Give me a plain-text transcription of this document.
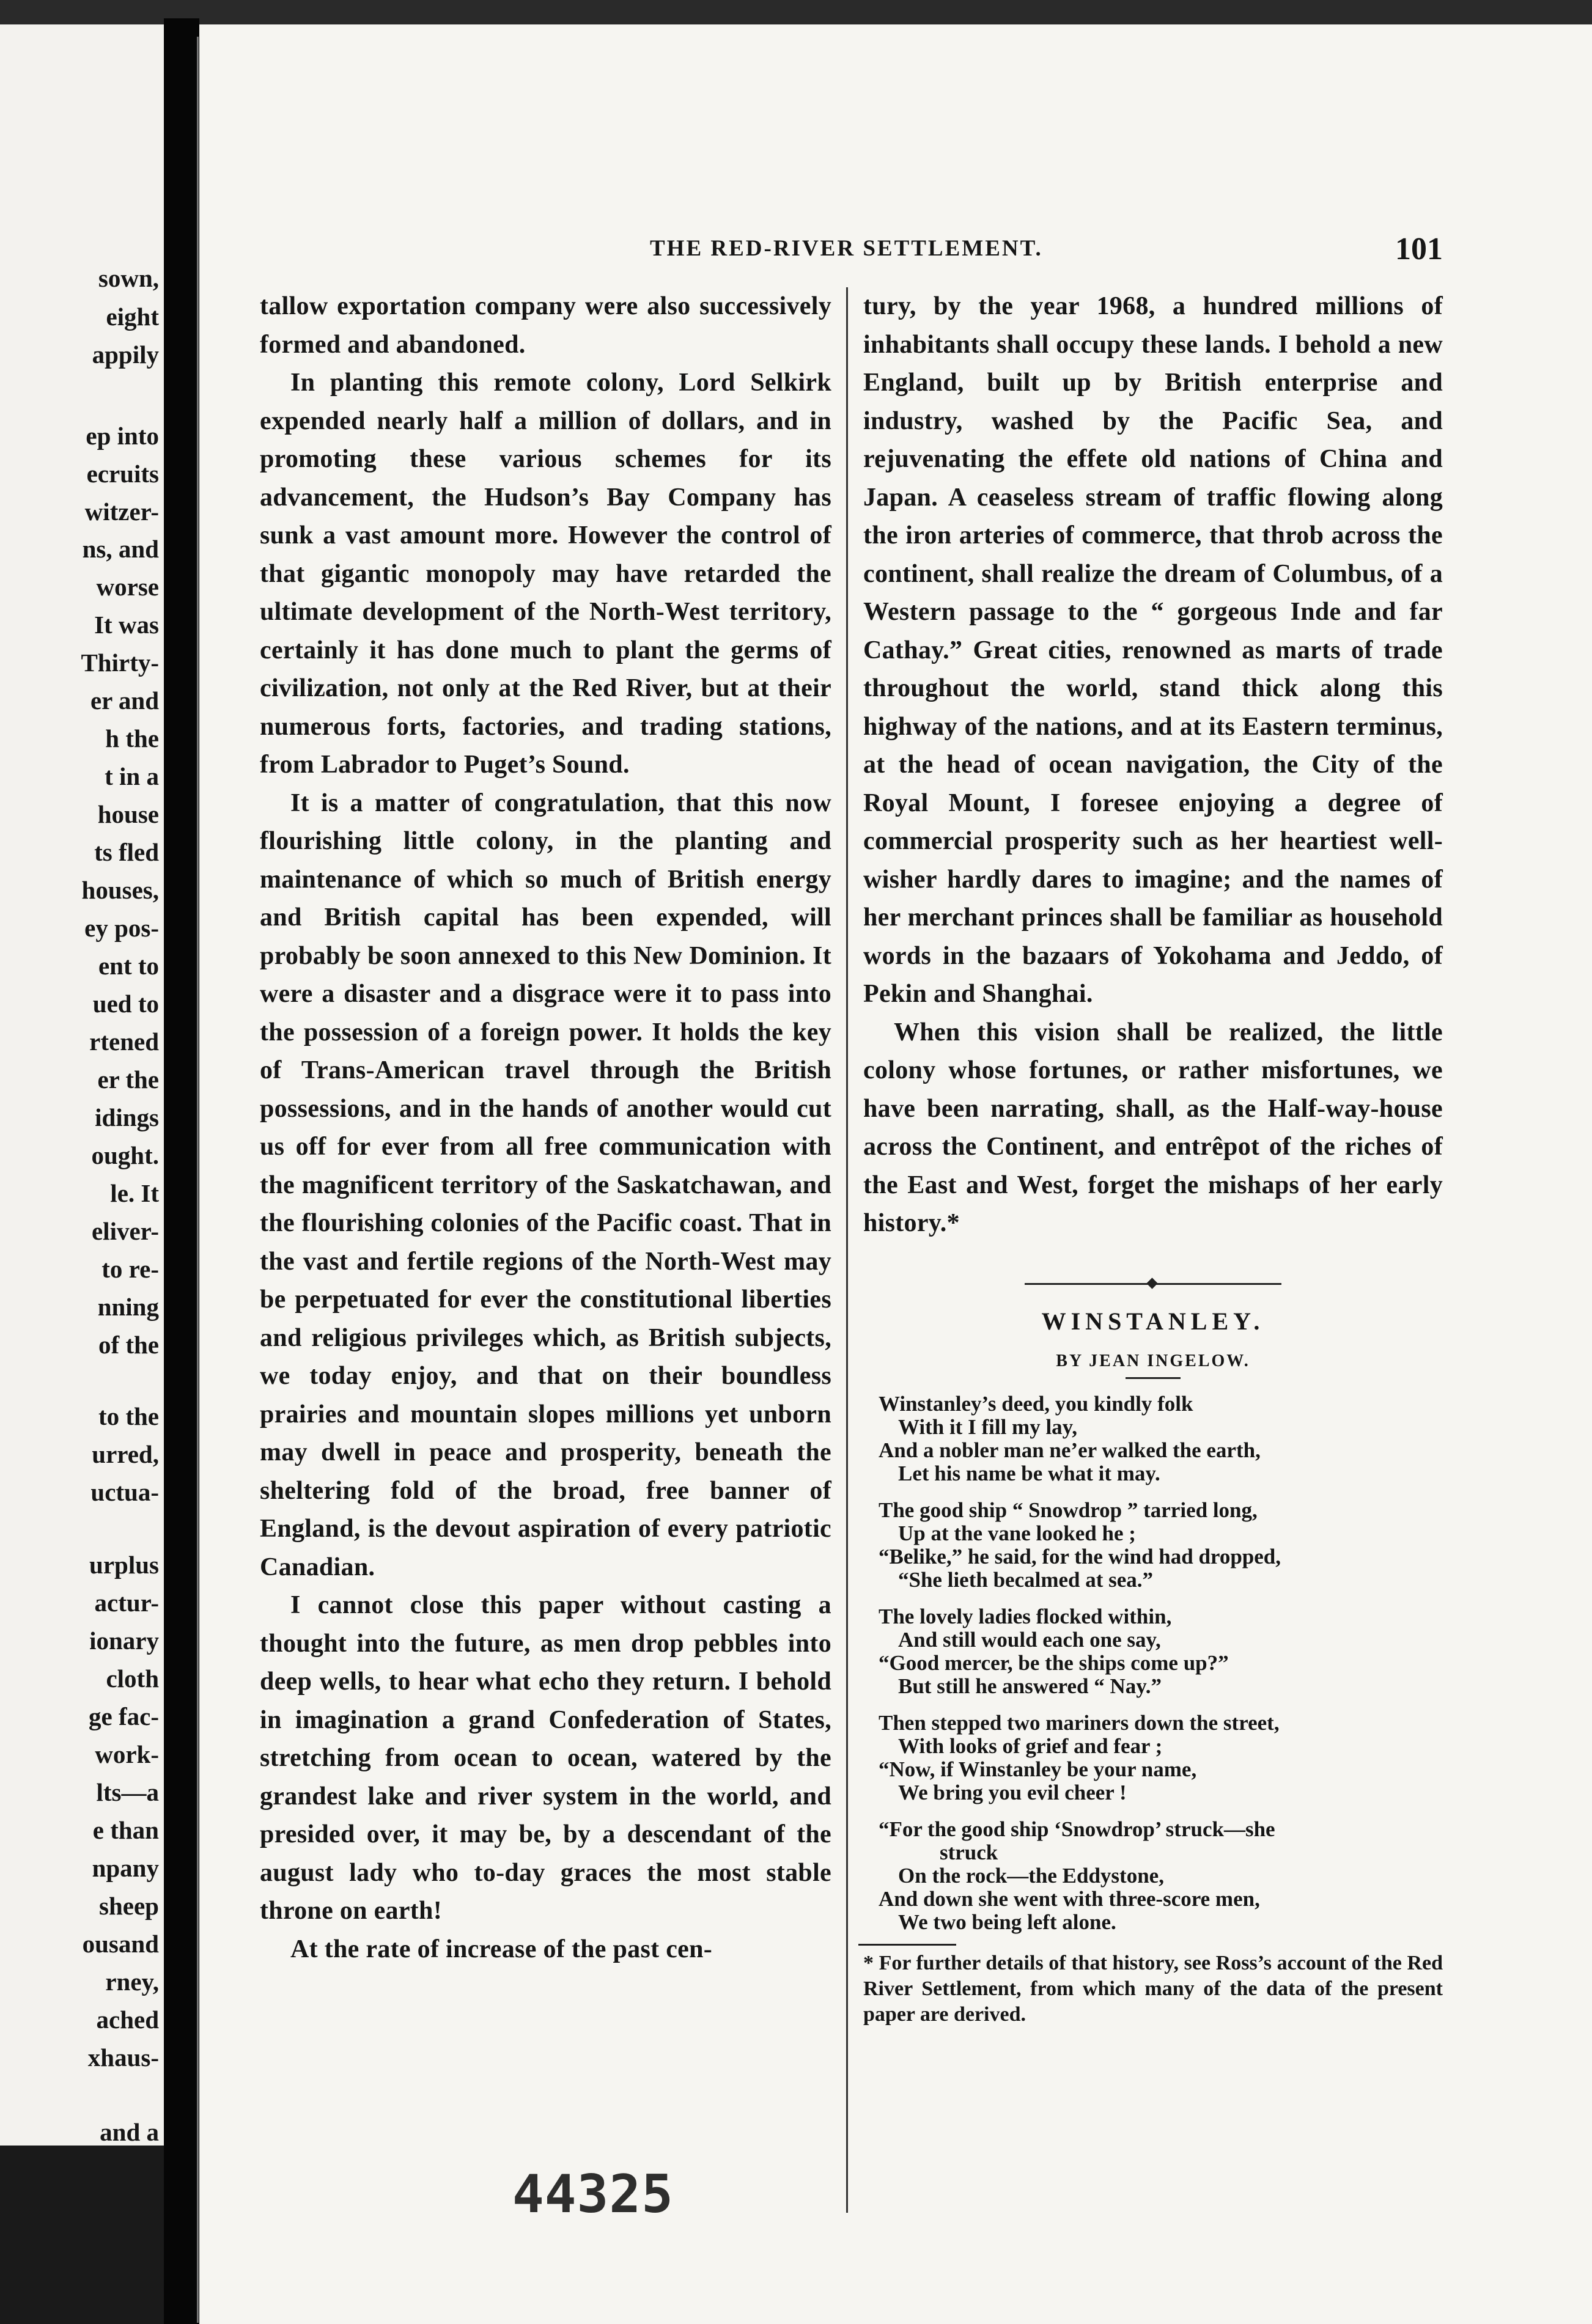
sown,
eight
appily
ep into
ecruits
witzer-
ns, and
worse
It was
Thirty-
er and
h the
t in a
house
ts fled
houses,
ey pos-
ent to
ued to
rtened
er the
idings
ought.
le. It
eliver-
to re-
nning
of the
to the
urred,
uctua-
urplus
actur-
ionary
cloth
ge fac-
work-
lts—a
e than
npany
sheep
ousand
rney,
ached
xhaus-
and a
THE RED-RIVER SETTLEMENT.	101

tallow exportation company were also successively formed and abandoned.

In planting this remote colony, Lord Selkirk expended nearly half a million of dollars, and in promoting these various schemes for its advancement, the Hudson’s Bay Company has sunk a vast amount more. However the control of that gigantic monopoly may have retarded the ultimate development of the North-West territory, certainly it has done much to plant the germs of civilization, not only at the Red River, but at their numerous forts, factories, and trading stations, from Labrador to Puget’s Sound.

It is a matter of congratulation, that this now flourishing little colony, in the planting and maintenance of which so much of British energy and British capital has been expended, will probably be soon annexed to this New Dominion. It were a disaster and a disgrace were it to pass into the possession of a foreign power. It holds the key of Trans-American travel through the British possessions, and in the hands of another would cut us off for ever from all free communication with the magnificent territory of the Saskatchawan, and the flourishing colonies of the Pacific coast. That in the vast and fertile regions of the North-West may be perpetuated for ever the constitutional liberties and religious privileges which, as British subjects, we today enjoy, and that on their boundless prairies and mountain slopes millions yet unborn may dwell in peace and prosperity, beneath the sheltering fold of the broad, free banner of England, is the devout aspiration of every patriotic Canadian.

I cannot close this paper without casting a thought into the future, as men drop pebbles into deep wells, to hear what echo they return. I behold in imagination a grand Confederation of States, stretching from ocean to ocean, watered by the grandest lake and river system in the world, and presided over, it may be, by a descendant of the august lady who to-day graces the most stable throne on earth!

At the rate of increase of the past cen-

tury, by the year 1968, a hundred millions of inhabitants shall occupy these lands. I behold a new England, built up by British enterprise and industry, washed by the Pacific Sea, and rejuvenating the effete old nations of China and Japan. A ceaseless stream of traffic flowing along the iron arteries of commerce, that throb across the continent, shall realize the dream of Columbus, of a Western passage to the “ gorgeous Inde and far Cathay.” Great cities, renowned as marts of trade throughout the world, stand thick along this highway of the nations, and at its Eastern terminus, at the head of ocean navigation, the City of the Royal Mount, I foresee enjoying a degree of commercial prosperity such as her heartiest well-wisher hardly dares to imagine; and the names of her merchant princes shall be familiar as household words in the bazaars of Yokohama and Jeddo, of Pekin and Shanghai.

When this vision shall be realized, the little colony whose fortunes, or rather misfortunes, we have been narrating, shall, as the Half-way-house across the Continent, and entrêpot of the riches of the East and West, forget the mishaps of her early history.*

WINSTANLEY.
BY JEAN INGELOW.
Winstanley’s deed, you kindly folk
With it I fill my lay,
And a nobler man ne’er walked the earth,
Let his name be what it may.
The good ship “ Snowdrop ” tarried long,
Up at the vane looked he ;
“Belike,” he said, for the wind had dropped,
“She lieth becalmed at sea.”
The lovely ladies flocked within,
And still would each one say,
“Good mercer, be the ships come up?”
But still he answered “ Nay.”
Then stepped two mariners down the street,
With looks of grief and fear ;
“Now, if Winstanley be your name,
We bring you evil cheer !
“For the good ship ‘Snowdrop’ struck—she
struck
On the rock—the Eddystone,
And down she went with three-score men,
We two being left alone.
* For further details of that history, see Ross’s account of the Red River Settlement, from which many of the data of the present paper are derived.
44325
